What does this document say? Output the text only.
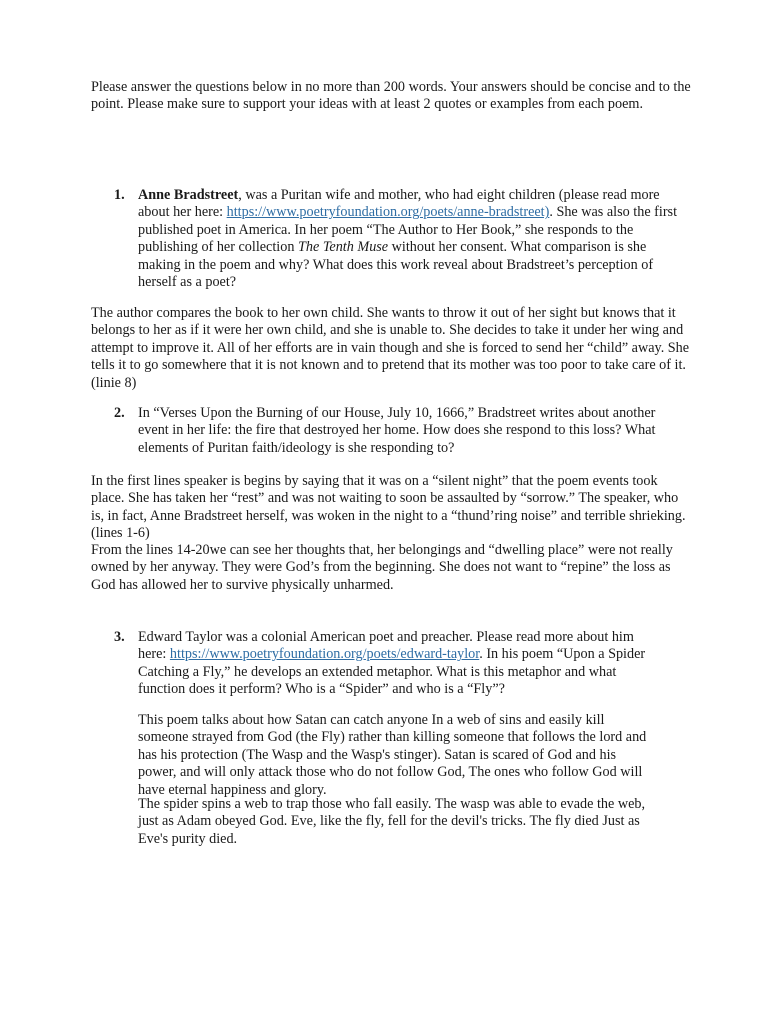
Please answer the questions below in no more than 200 words. Your answers should be concise and to the point. Please make sure to support your ideas with at least 2 quotes or examples from each poem.

1. Anne Bradstreet, was a Puritan wife and mother, who had eight children (please read more about her here: https://www.poetryfoundation.org/poets/anne-bradstreet). She was also the first published poet in America. In her poem “The Author to Her Book,” she responds to the publishing of her collection The Tenth Muse without her consent. What comparison is she making in the poem and why? What does this work reveal about Bradstreet’s perception of herself as a poet?

The author compares the book to her own child. She wants to throw it out of her sight but knows that it belongs to her as if it were her own child, and she is unable to. She decides to take it under her wing and attempt to improve it. All of her efforts are in vain though and she is forced to send her “child” away. She tells it to go somewhere that it is not known and to pretend that its mother was too poor to take care of it. (linie 8)

2. In “Verses Upon the Burning of our House, July 10, 1666,” Bradstreet writes about another event in her life: the fire that destroyed her home. How does she respond to this loss? What elements of Puritan faith/ideology is she responding to?

In the first lines speaker is begins by saying that it was on a “silent night” that the poem events took place. She has taken her “rest” and was not waiting to soon be assaulted by “sorrow.” The speaker, who is, in fact, Anne Bradstreet herself, was woken in the night to a “thund’ring noise” and terrible shrieking. (lines 1-6)

From the lines 14-20we can see her thoughts that, her belongings and “dwelling place” were not really owned by her anyway. They were God’s from the beginning. She does not want to “repine” the loss as God has allowed her to survive physically unharmed.

3. Edward Taylor was a colonial American poet and preacher. Please read more about him here: https://www.poetryfoundation.org/poets/edward-taylor. In his poem “Upon a Spider Catching a Fly,” he develops an extended metaphor. What is this metaphor and what function does it perform? Who is a “Spider” and who is a “Fly”?

This poem talks about how Satan can catch anyone In a web of sins and easily kill someone strayed from God (the Fly) rather than killing someone that follows the lord and has his protection (The Wasp and the Wasp's stinger). Satan is scared of God and his power, and will only attack those who do not follow God, The ones who follow God will have eternal happiness and glory.

The spider spins a web to trap those who fall easily. The wasp was able to evade the web, just as Adam obeyed God. Eve, like the fly, fell for the devil's tricks. The fly died Just as Eve's purity died.
